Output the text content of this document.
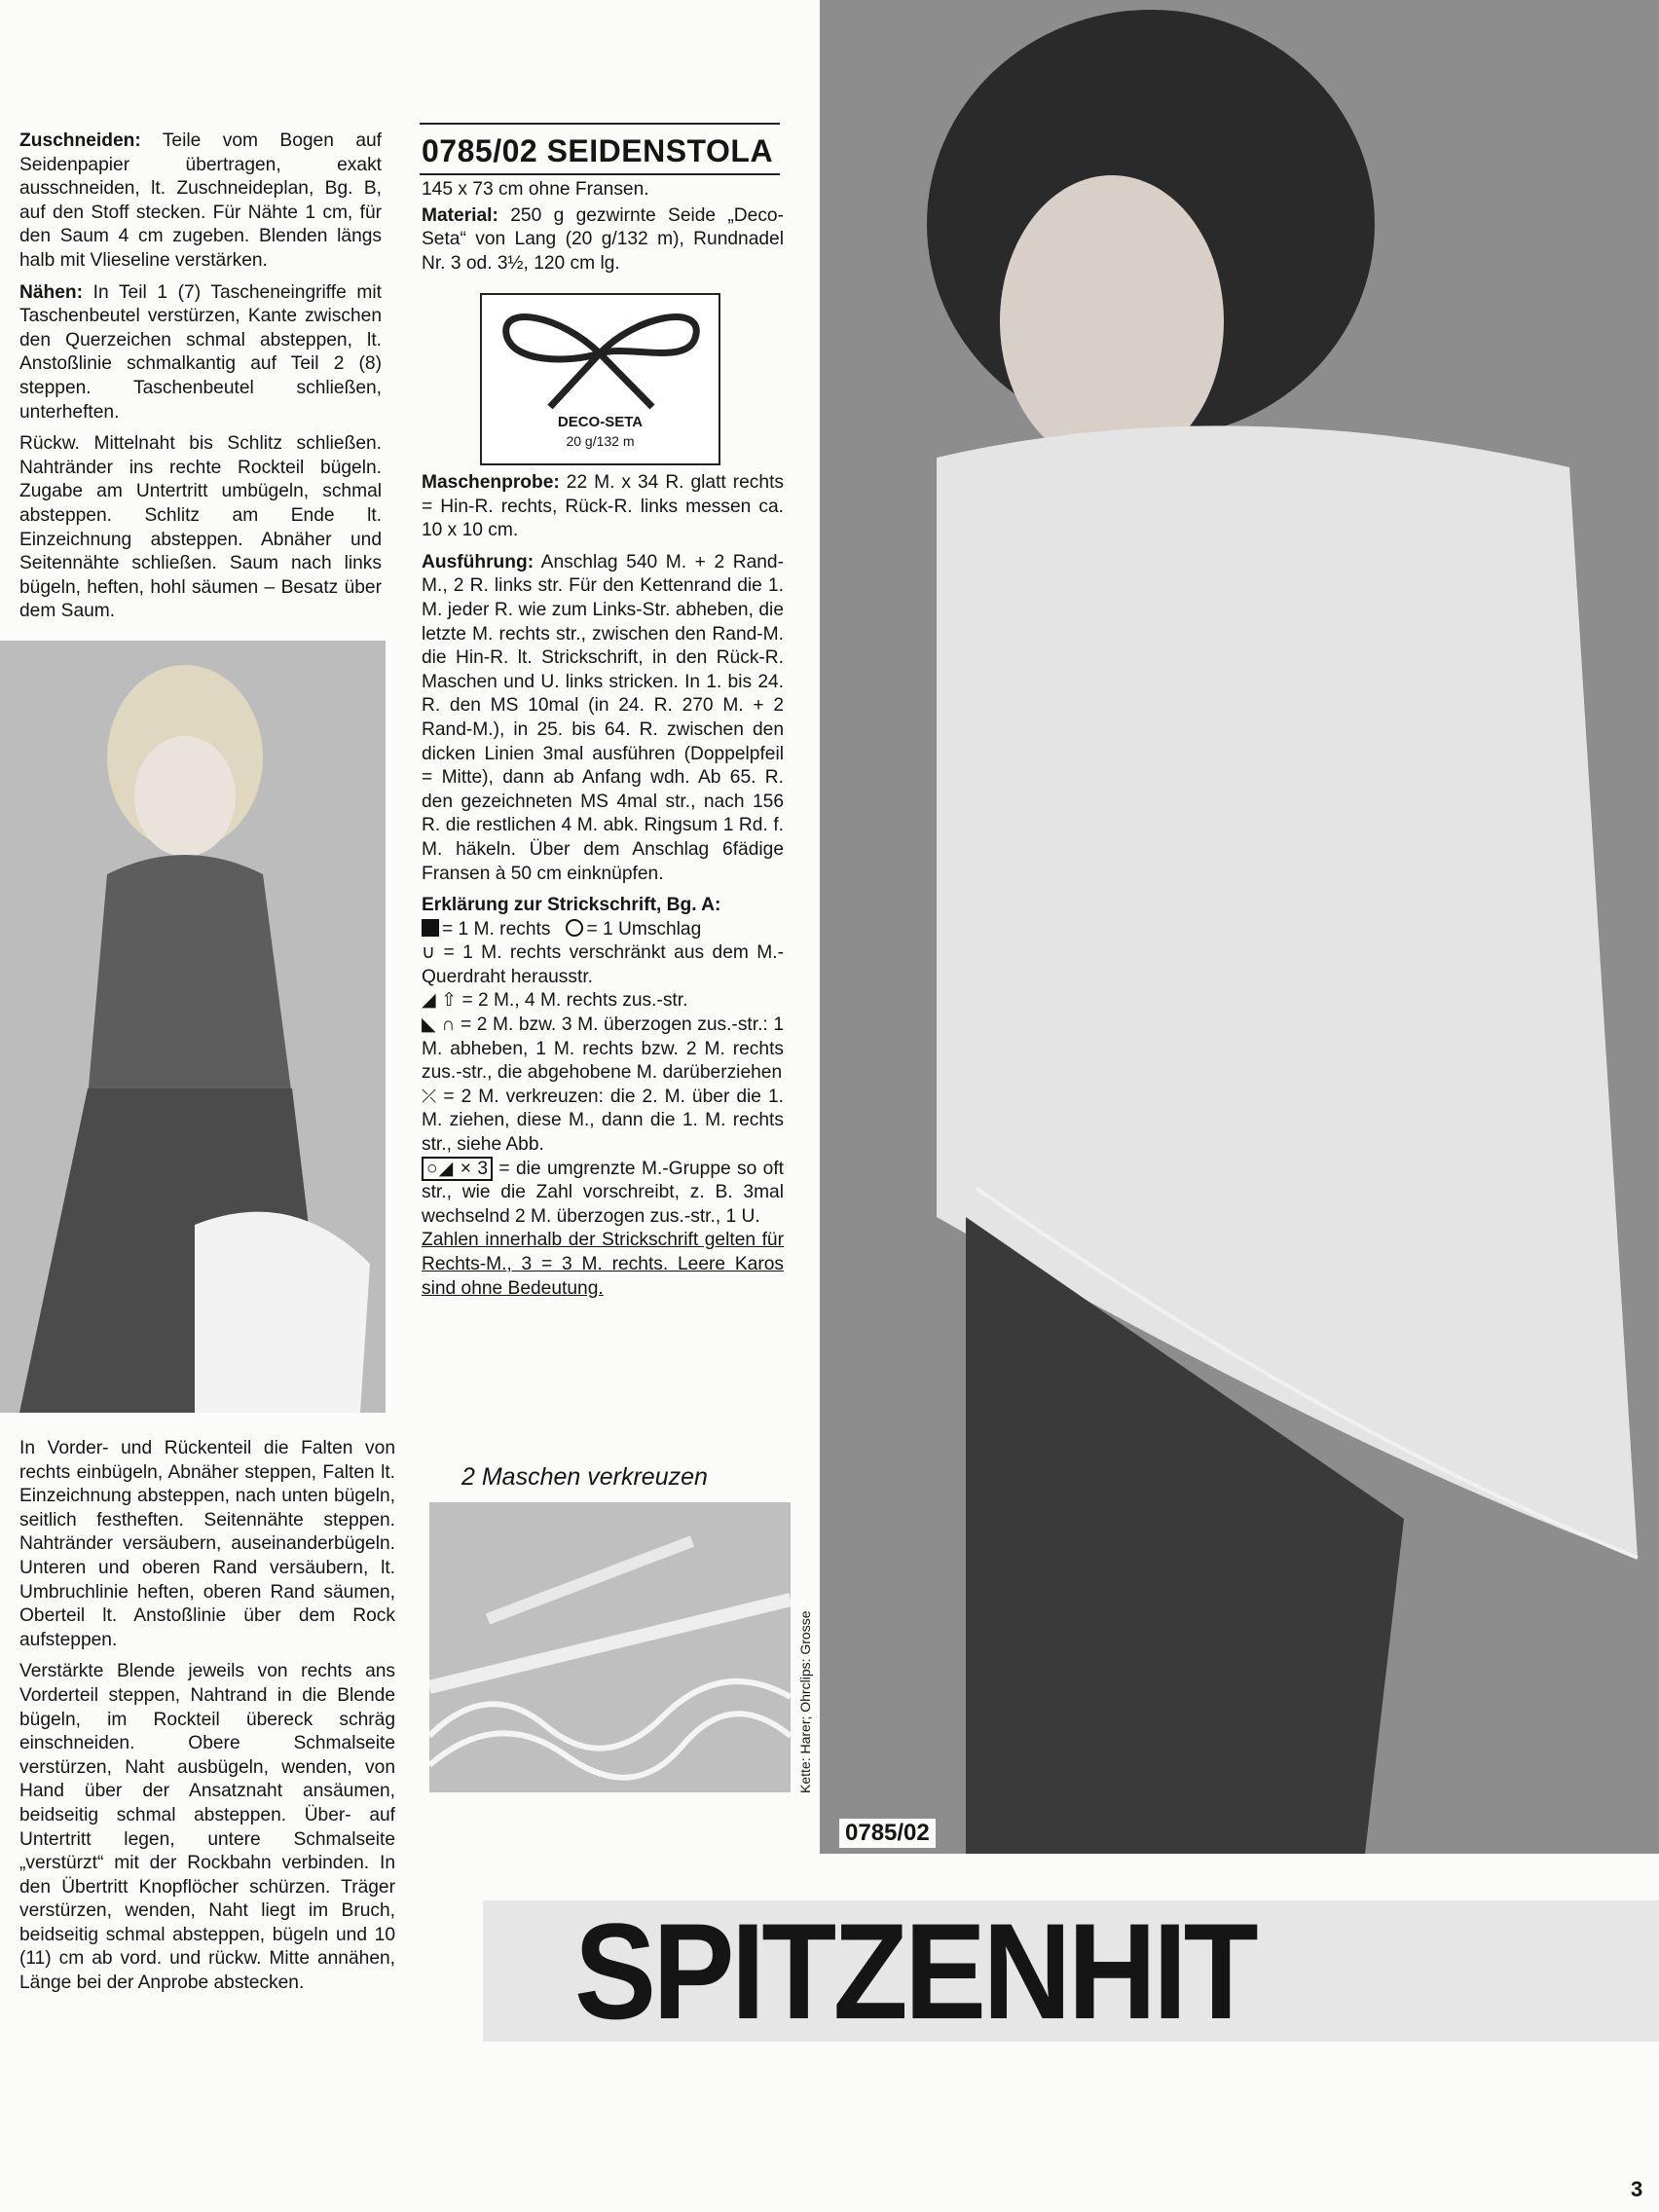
Zuschneiden: Teile vom Bogen auf Seidenpapier übertragen, exakt ausschneiden, lt. Zuschneideplan, Bg. B, auf den Stoff stecken. Für Nähte 1 cm, für den Saum 4 cm zugeben. Blenden längs halb mit Vlieseline verstärken.

Nähen: In Teil 1 (7) Tascheneingriffe mit Taschenbeutel verstürzen, Kante zwischen den Querzeichen schmal absteppen, lt. Anstoßlinie schmalkantig auf Teil 2 (8) steppen. Taschenbeutel schließen, unterheften.

Rückw. Mittelnaht bis Schlitz schließen. Nahtränder ins rechte Rockteil bügeln. Zugabe am Untertritt umbügeln, schmal absteppen. Schlitz am Ende lt. Einzeichnung absteppen. Abnäher und Seitennähte schließen. Saum nach links bügeln, heften, hohl säumen – Besatz über dem Saum.

In Vorder- und Rückenteil die Falten von rechts einbügeln, Abnäher steppen, Falten lt. Einzeichnung absteppen, nach unten bügeln, seitlich festheften. Seitennähte steppen. Nahtränder versäubern, auseinanderbügeln. Unteren und oberen Rand versäubern, lt. Umbruchlinie heften, oberen Rand säumen, Oberteil lt. Anstoßlinie über dem Rock aufsteppen.

Verstärkte Blende jeweils von rechts ans Vorderteil steppen, Nahtrand in die Blende bügeln, im Rockteil übereck schräg einschneiden. Obere Schmalseite verstürzen, Naht ausbügeln, wenden, von Hand über der Ansatznaht ansäumen, beidseitig schmal absteppen. Über- auf Untertritt legen, untere Schmalseite „verstürzt“ mit der Rockbahn verbinden. In den Übertritt Knopflöcher schürzen. Träger verstürzen, wenden, Naht liegt im Bruch, beidseitig schmal absteppen, bügeln und 10 (11) cm ab vord. und rückw. Mitte annähen, Länge bei der Anprobe abstecken.

0785/02 SEIDENSTOLA

145 x 73 cm ohne Fransen.

Material: 250 g gezwirnte Seide „Deco-Seta“ von Lang (20 g/132 m), Rundnadel Nr. 3 od. 3½, 120 cm lg.

DECO-SETA
20 g/132 m

Maschenprobe: 22 M. x 34 R. glatt rechts = Hin-R. rechts, Rück-R. links messen ca. 10 x 10 cm.

Ausführung: Anschlag 540 M. + 2 Rand-M., 2 R. links str. Für den Kettenrand die 1. M. jeder R. wie zum Links-Str. abheben, die letzte M. rechts str., zwischen den Rand-M. die Hin-R. lt. Strickschrift, in den Rück-R. Maschen und U. links stricken. In 1. bis 24. R. den MS 10mal (in 24. R. 270 M. + 2 Rand-M.), in 25. bis 64. R. zwischen den dicken Linien 3mal ausführen (Doppelpfeil = Mitte), dann ab Anfang wdh. Ab 65. R. den gezeichneten MS 4mal str., nach 156 R. die restlichen 4 M. abk. Ringsum 1 Rd. f. M. häkeln. Über dem Anschlag 6fädige Fransen à 50 cm einknüpfen.

Erklärung zur Strickschrift, Bg. A:

= 1 M. rechts = 1 Umschlag
∪ = 1 M. rechts verschränkt aus dem M.-Querdraht herausstr.
◢ ⇧ = 2 M., 4 M. rechts zus.-str.
◣ ∩ = 2 M. bzw. 3 M. überzogen zus.-str.: 1 M. abheben, 1 M. rechts bzw. 2 M. rechts zus.-str., die abgehobene M. darüberziehen
⤫ = 2 M. verkreuzen: die 2. M. über die 1. M. ziehen, diese M., dann die 1. M. rechts str., siehe Abb.
○◢ × 3 = die umgrenzte M.-Gruppe so oft str., wie die Zahl vorschreibt, z. B. 3mal wechselnd 2 M. überzogen zus.-str., 1 U.
Zahlen innerhalb der Strickschrift gelten für Rechts-M., 3 = 3 M. rechts. Leere Karos sind ohne Bedeutung.
2 Maschen verkreuzen
Kette: Harer; Ohrclips: Grosse
0785/02
SPITZENHIT
3
